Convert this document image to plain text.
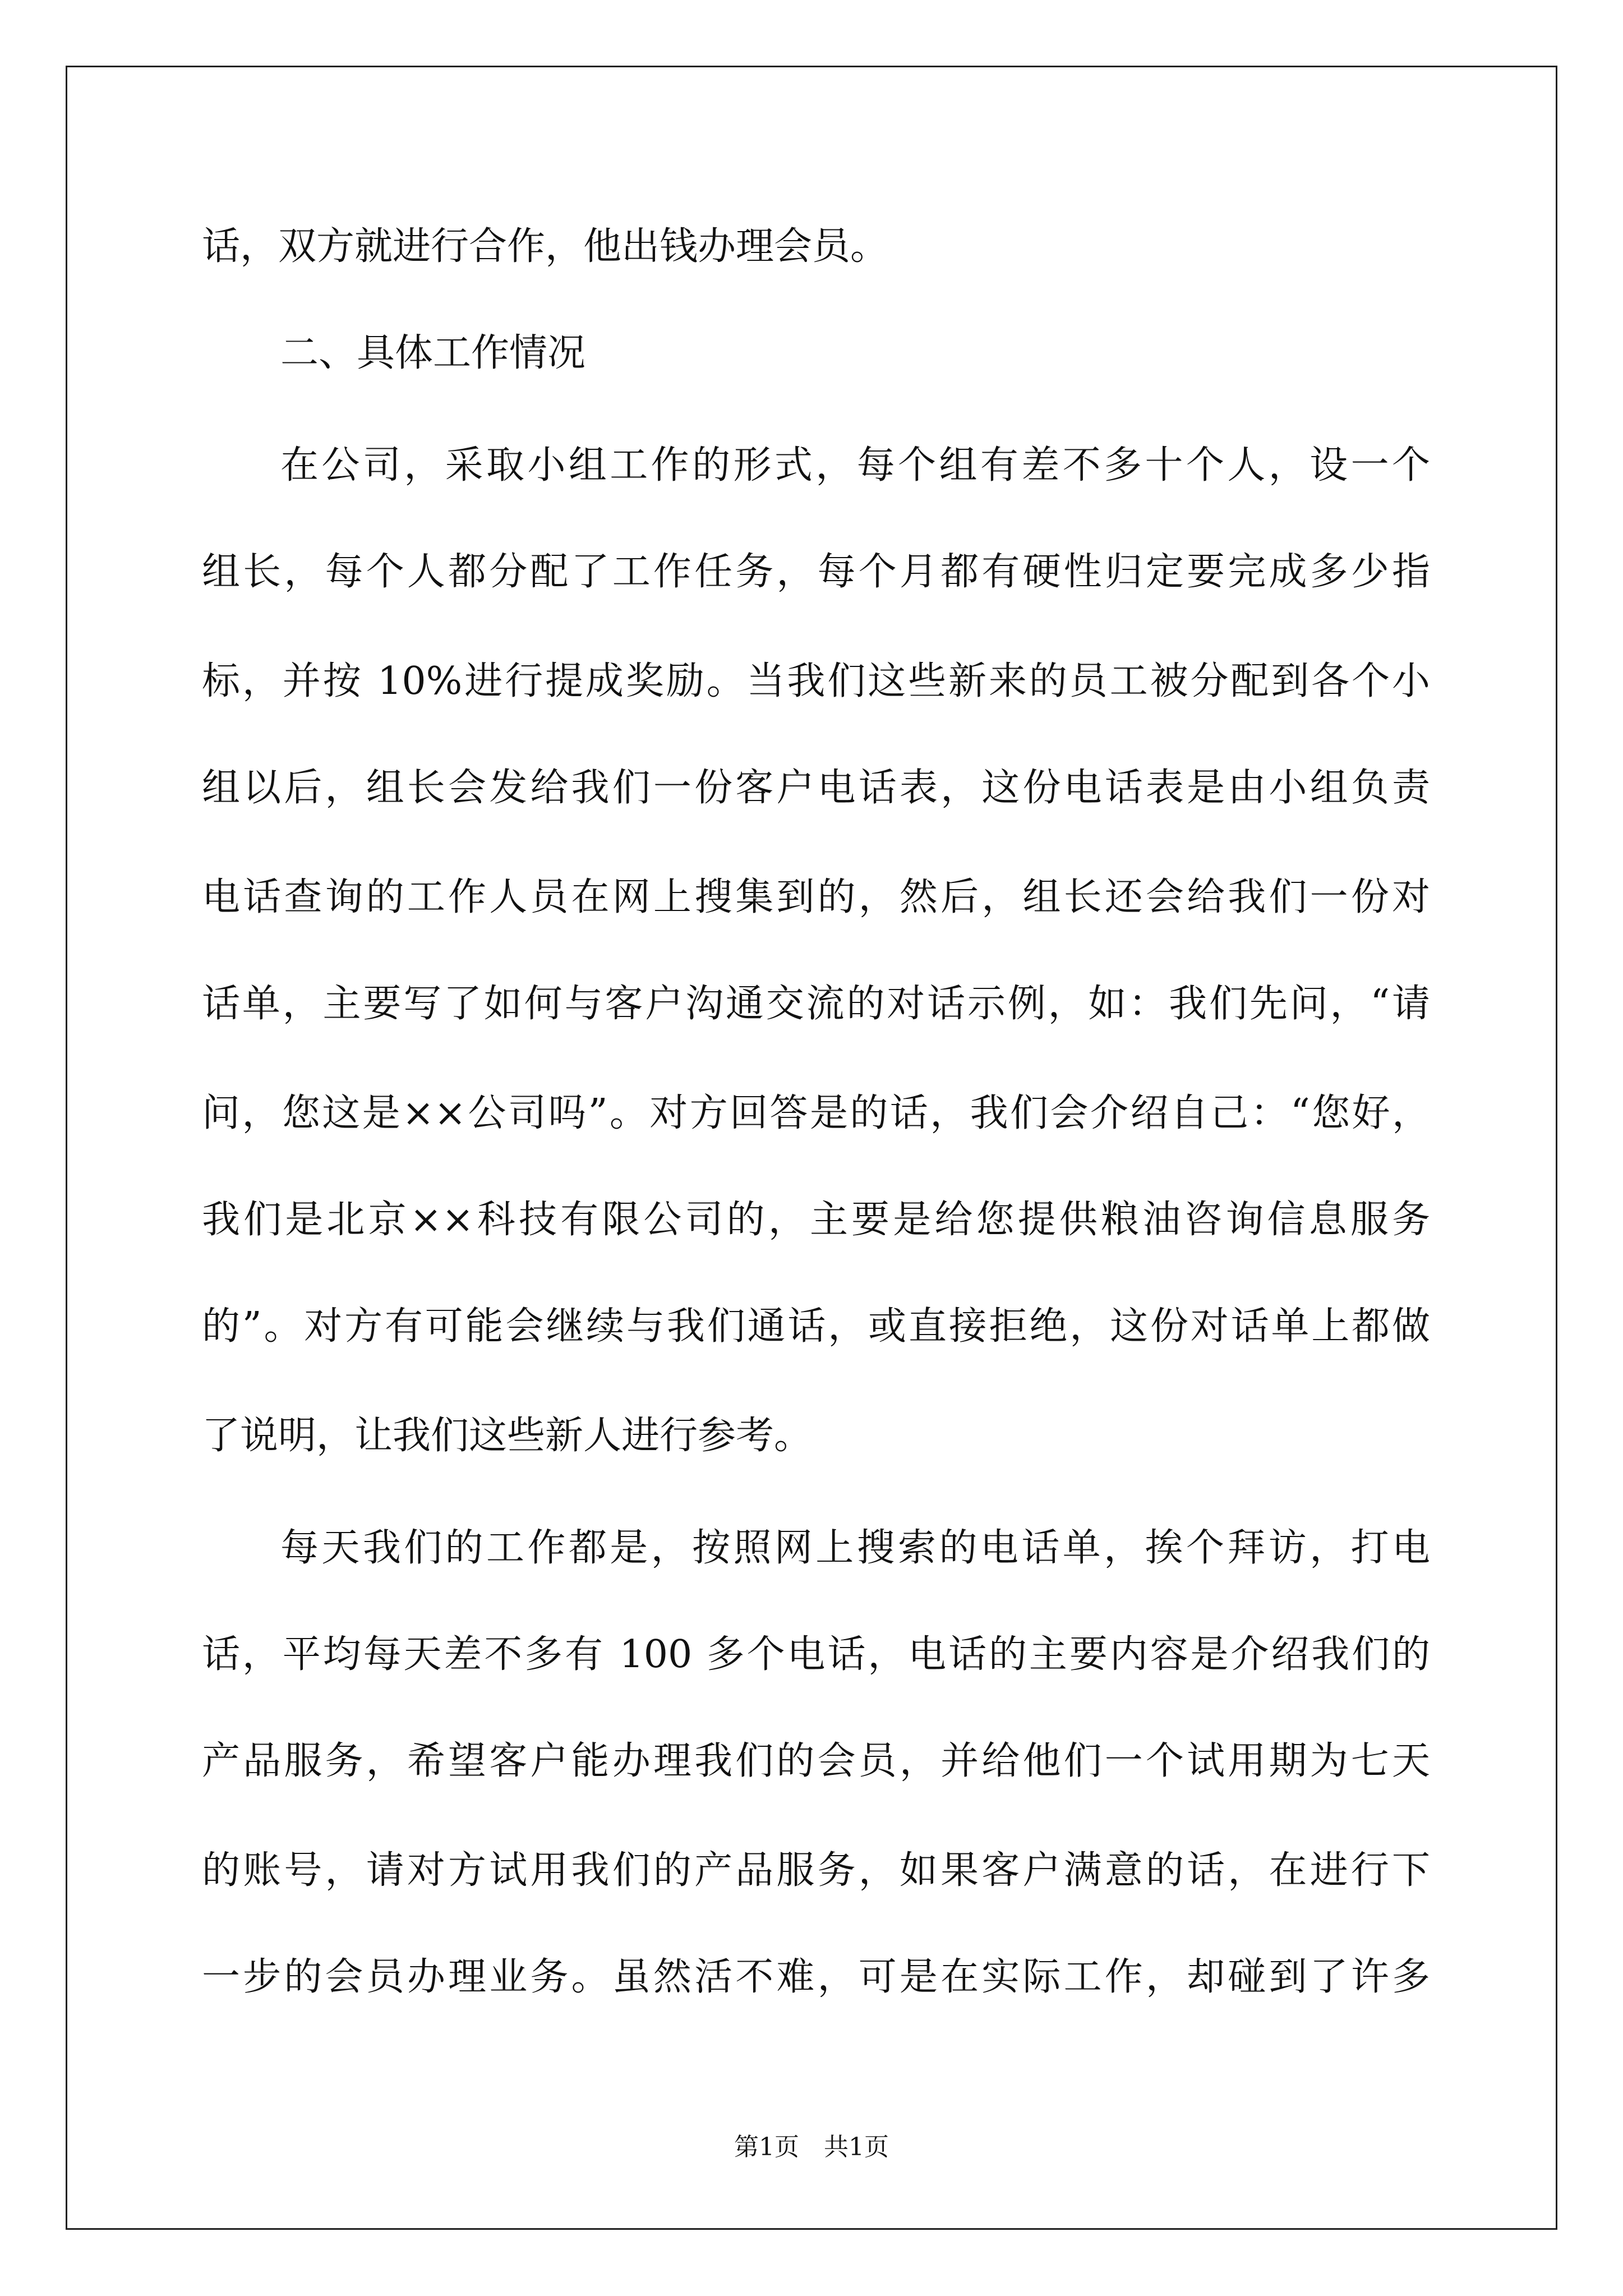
话，双方就进行合作，他出钱办理会员。
二、具体工作情况
在公司，采取小组工作的形式，每个组有差不多十个人，设一个
组长，每个人都分配了工作任务，每个月都有硬性归定要完成多少指
标，并按 10%进行提成奖励。当我们这些新来的员工被分配到各个小
组以后，组长会发给我们一份客户电话表，这份电话表是由小组负责
电话查询的工作人员在网上搜集到的，然后，组长还会给我们一份对
话单，主要写了如何与客户沟通交流的对话示例，如：我们先问，“请
问，您这是××公司吗”。对方回答是的话，我们会介绍自己：“您好，
我们是北京××科技有限公司的，主要是给您提供粮油咨询信息服务
的”。对方有可能会继续与我们通话，或直接拒绝，这份对话单上都做
了说明，让我们这些新人进行参考。
每天我们的工作都是，按照网上搜索的电话单，挨个拜访，打电
话，平均每天差不多有 100 多个电话，电话的主要内容是介绍我们的
产品服务，希望客户能办理我们的会员，并给他们一个试用期为七天
的账号，请对方试用我们的产品服务，如果客户满意的话，在进行下
一步的会员办理业务。虽然活不难，可是在实际工作，却碰到了许多
第1页　共1页
